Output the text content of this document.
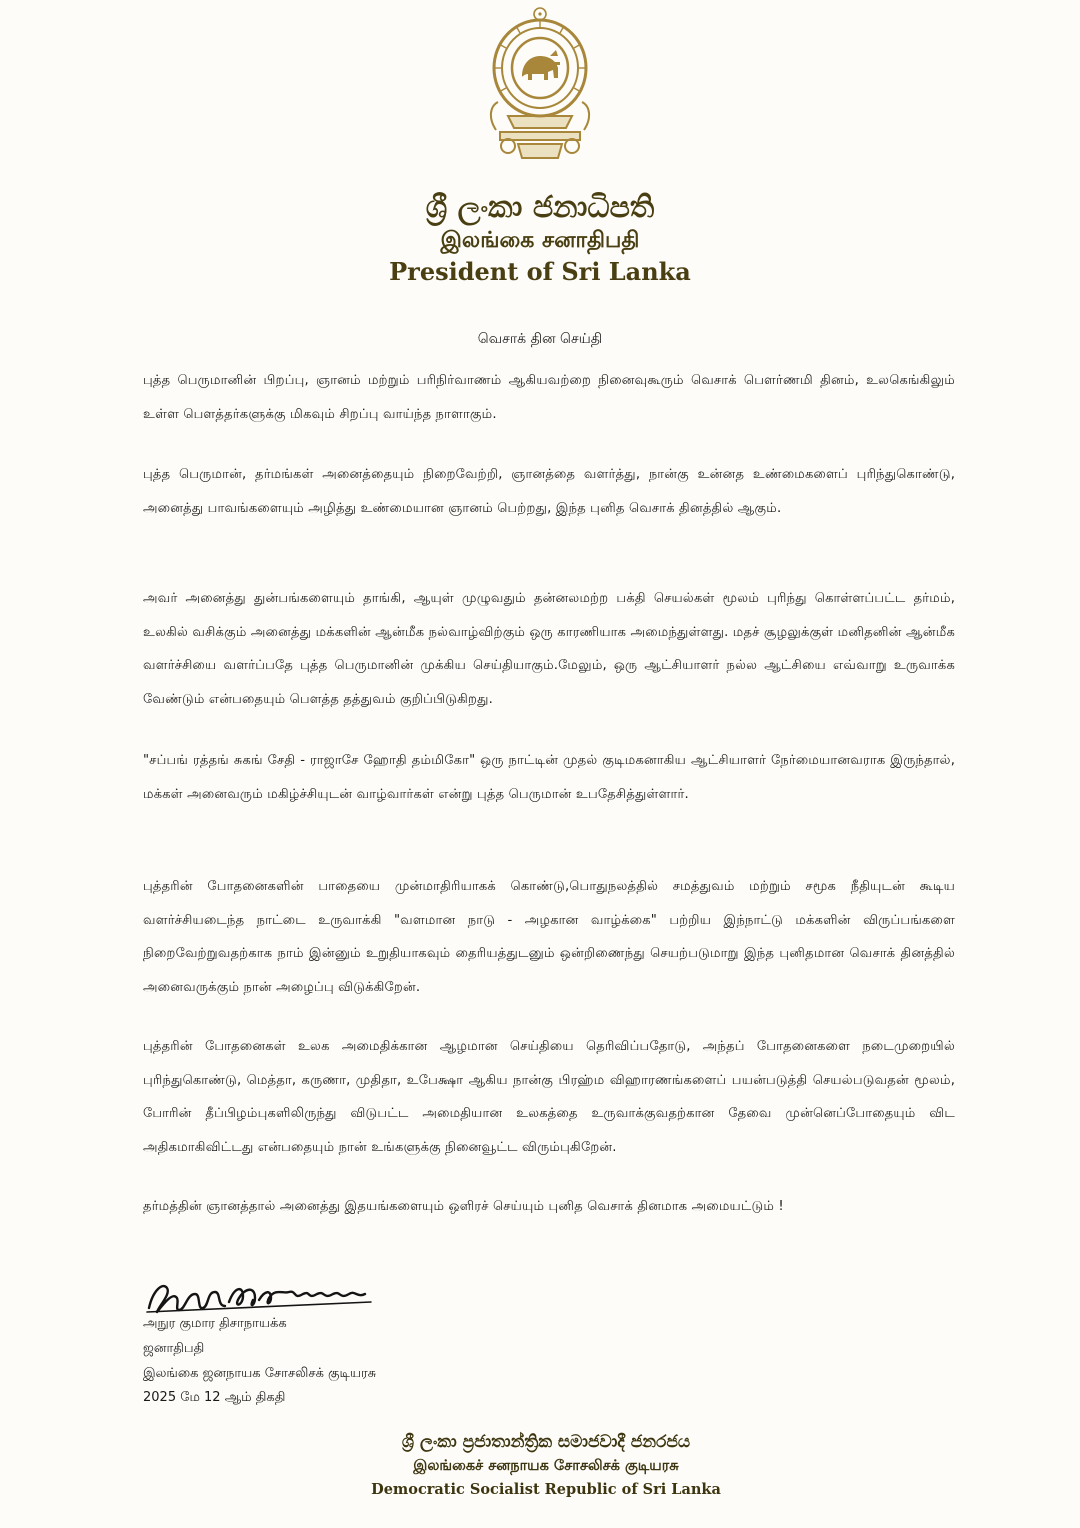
ශ්‍රී ලංකා ජනාධිපති
இலங்கை சனாதிபதி
President of Sri Lanka
வெசாக் தின செய்தி

புத்த பெருமானின் பிறப்பு, ஞானம் மற்றும் பரிநிர்வாணம் ஆகியவற்றை நினைவுகூரும் வெசாக் பௌர்ணமி தினம், உலகெங்கிலும் உள்ள பௌத்தர்களுக்கு மிகவும் சிறப்பு வாய்ந்த நாளாகும்.

புத்த பெருமான், தர்மங்கள் அனைத்தையும் நிறைவேற்றி, ஞானத்தை வளர்த்து, நான்கு உன்னத உண்மைகளைப் புரிந்துகொண்டு, அனைத்து பாவங்களையும் அழித்து உண்மையான ஞானம் பெற்றது, இந்த புனித வெசாக் தினத்தில் ஆகும்.

அவர் அனைத்து துன்பங்களையும் தாங்கி, ஆயுள் முழுவதும் தன்னலமற்ற பக்தி செயல்கள் மூலம் புரிந்து கொள்ளப்பட்ட தர்மம், உலகில் வசிக்கும் அனைத்து மக்களின் ஆன்மீக நல்வாழ்விற்கும் ஒரு காரணியாக அமைந்துள்ளது. மதச் சூழலுக்குள் மனிதனின் ஆன்மீக வளர்ச்சியை வளர்ப்பதே புத்த பெருமானின் முக்கிய செய்தியாகும்.மேலும், ஒரு ஆட்சியாளர் நல்ல ஆட்சியை எவ்வாறு உருவாக்க வேண்டும் என்பதையும் பௌத்த தத்துவம் குறிப்பிடுகிறது.

"சப்பங் ரத்தங் சுகங் சேதி - ராஜாசே ஹோதி தம்மிகோ" ஒரு நாட்டின் முதல் குடிமகனாகிய ஆட்சியாளர் நேர்மையானவராக இருந்தால், மக்கள் அனைவரும் மகிழ்ச்சியுடன் வாழ்வார்கள் என்று புத்த பெருமான் உபதேசித்துள்ளார்.

புத்தரின் போதனைகளின் பாதையை முன்மாதிரியாகக் கொண்டு,பொதுநலத்தில் சமத்துவம் மற்றும் சமூக நீதியுடன் கூடிய வளர்ச்சியடைந்த நாட்டை உருவாக்கி "வளமான நாடு - அழகான வாழ்க்கை" பற்றிய இந்நாட்டு மக்களின் விருப்பங்களை நிறைவேற்றுவதற்காக நாம் இன்னும் உறுதியாகவும் தைரியத்துடனும் ஒன்றிணைந்து செயற்படுமாறு இந்த புனிதமான வெசாக் தினத்தில் அனைவருக்கும் நான் அழைப்பு விடுக்கிறேன்.

புத்தரின் போதனைகள் உலக அமைதிக்கான ஆழமான செய்தியை தெரிவிப்பதோடு, அந்தப் போதனைகளை நடைமுறையில் புரிந்துகொண்டு, மெத்தா, கருணா, முதிதா, உபேக்ஷா ஆகிய நான்கு பிரஹ்ம விஹாரணங்களைப் பயன்படுத்தி செயல்படுவதன் மூலம், போரின் தீப்பிழம்புகளிலிருந்து விடுபட்ட அமைதியான உலகத்தை உருவாக்குவதற்கான தேவை முன்னெப்போதையும் விட அதிகமாகிவிட்டது என்பதையும் நான் உங்களுக்கு நினைவூட்ட விரும்புகிறேன்.

தர்மத்தின் ஞானத்தால் அனைத்து இதயங்களையும் ஒளிரச் செய்யும் புனித வெசாக் தினமாக அமையட்டும் !

அநுர குமார திசாநாயக்க
ஜனாதிபதி
இலங்கை ஜனநாயக சோசலிசக் குடியரசு
2025 மே 12 ஆம் திகதி
ශ්‍රී ලංකා ප්‍රජාතාන්ත්‍රික සමාජවාදී ජනරජය
இலங்கைச் சனநாயக சோசலிசக் குடியரசு
Democratic Socialist Republic of Sri Lanka
